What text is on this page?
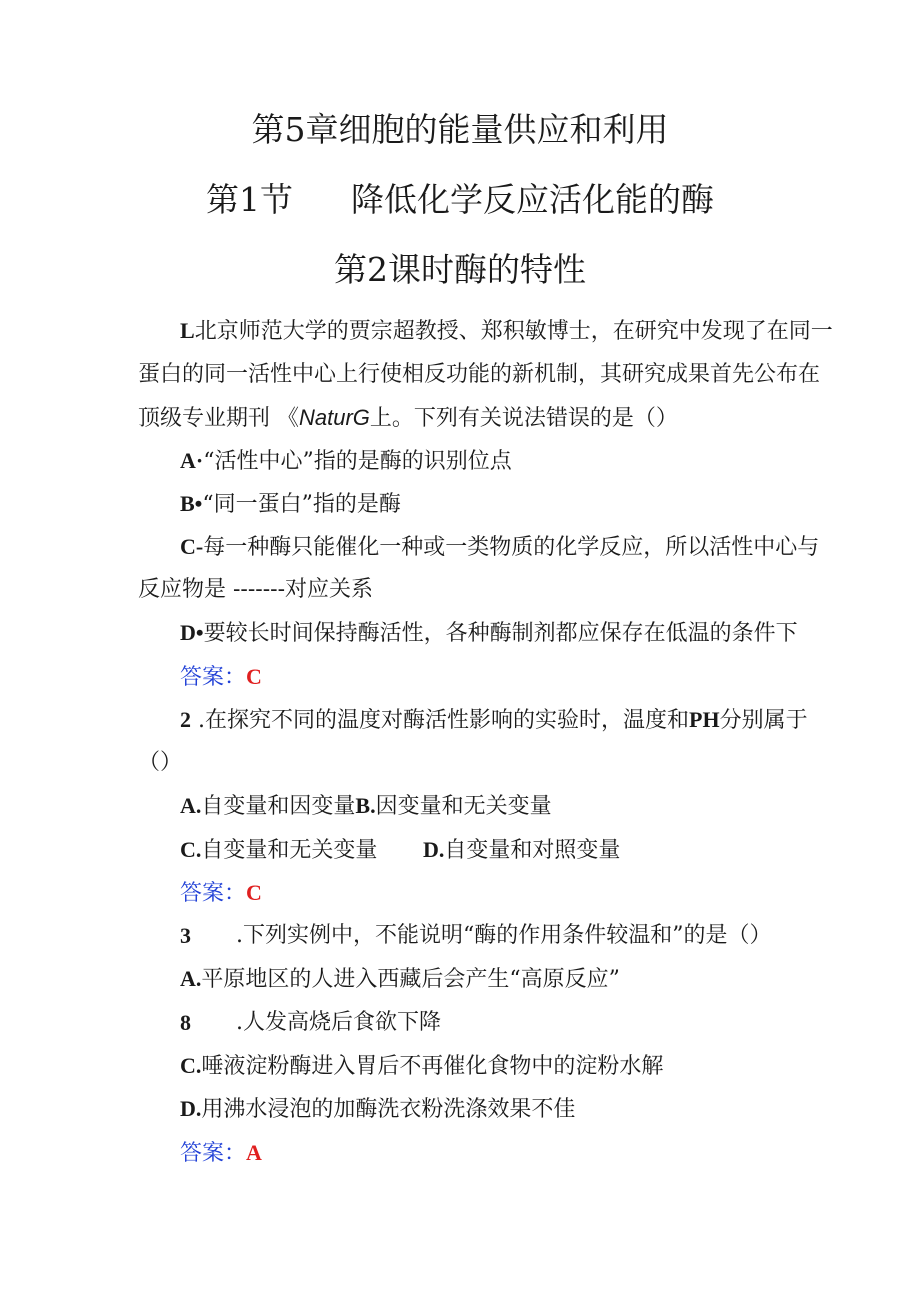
第5章细胞的能量供应和利用
第1节 降低化学反应活化能的酶
第2课时酶的特性
L北京师范大学的贾宗超教授、郑积敏博士，在研究中发现了在同一
蛋白的同一活性中心上行使相反功能的新机制，其研究成果首先公布在
顶级专业期刊 《NaturG上。下列有关说法错误的是（）
A·“活性中心”指的是酶的识别位点
B•“同一蛋白”指的是酶
C-每一种酶只能催化一种或一类物质的化学反应，所以活性中心与
反应物是 -------对应关系
D•要较长时间保持酶活性，各种酶制剂都应保存在低温的条件下
答案：C
2 .在探究不同的温度对酶活性影响的实验时，温度和PH分别属于
（）
A.自变量和因变量B.因变量和无关变量
C.自变量和无关变量 D.自变量和对照变量
答案：C
3 .下列实例中，不能说明“酶的作用条件较温和”的是（）
A.平原地区的人进入西藏后会产生“高原反应”
8 .人发高烧后食欲下降
C.唾液淀粉酶进入胃后不再催化食物中的淀粉水解
D.用沸水浸泡的加酶洗衣粉洗涤效果不佳
答案：A
